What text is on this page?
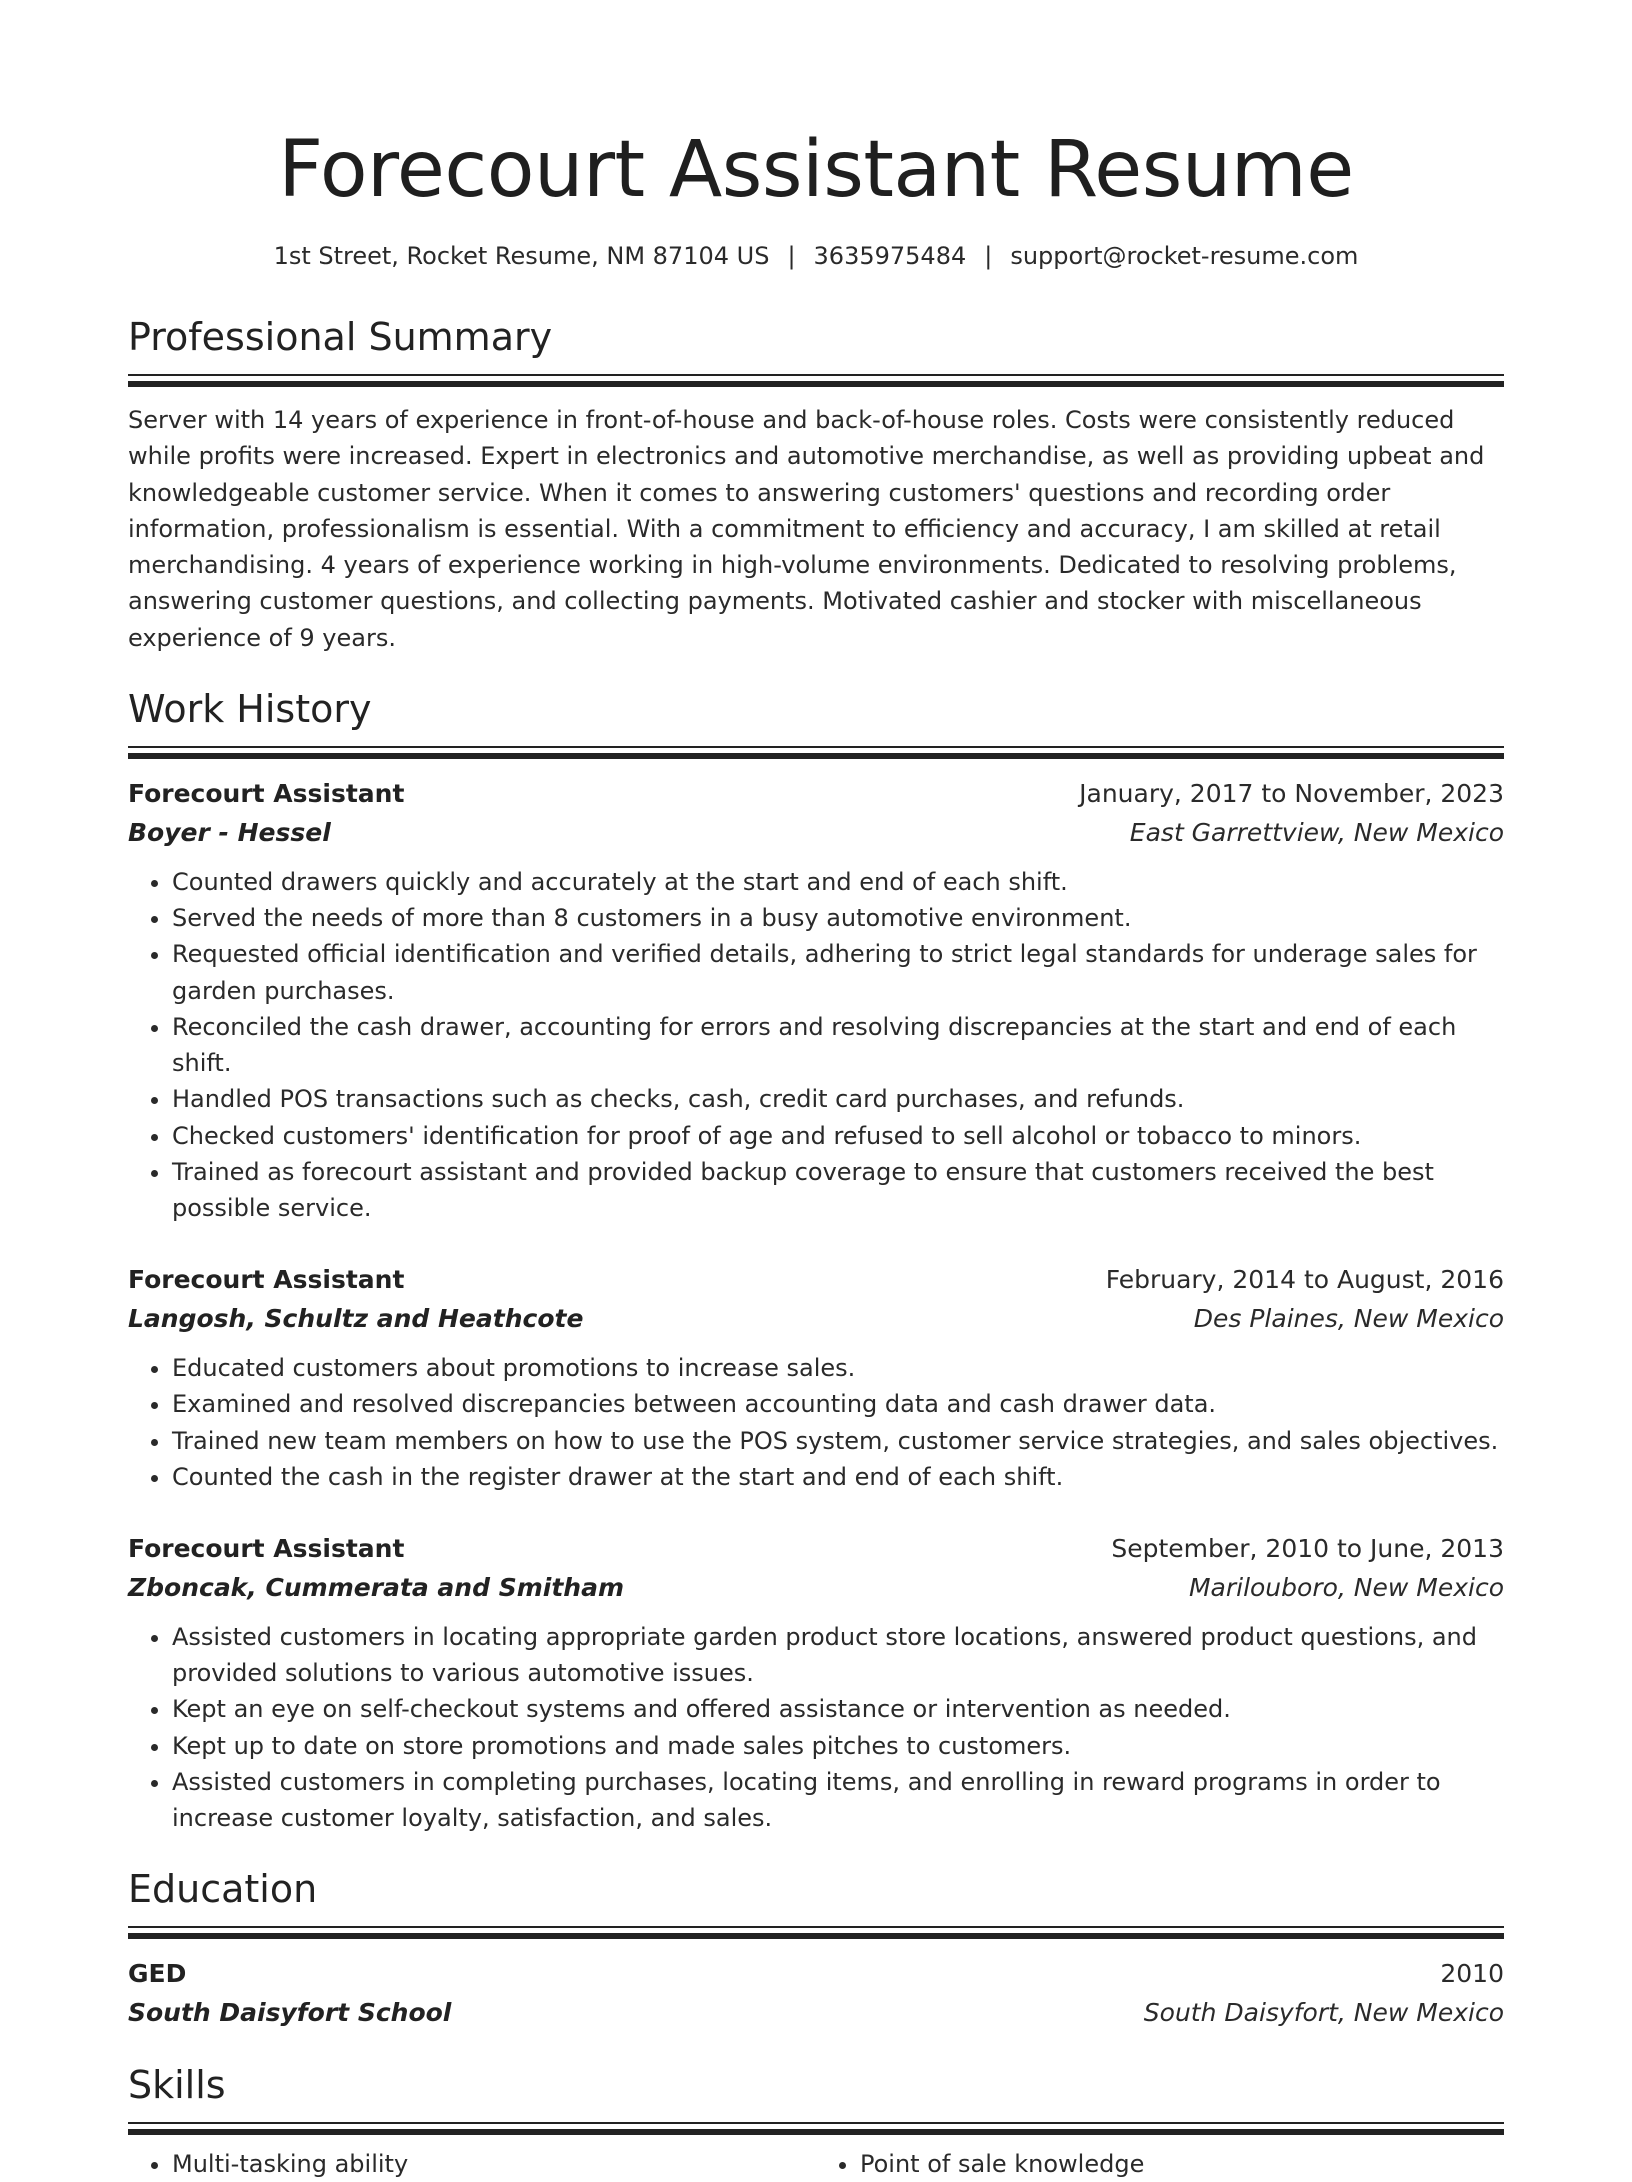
Forecourt Assistant Resume
1st Street, Rocket Resume, NM 87104 US | 3635975484 | support@rocket-resume.com
Professional Summary

Server with 14 years of experience in front-of-house and back-of-house roles. Costs were consistently reduced while profits were increased. Expert in electronics and automotive merchandise, as well as providing upbeat and knowledgeable customer service. When it comes to answering customers' questions and recording order information, professionalism is essential. With a commitment to efficiency and accuracy, I am skilled at retail merchandising. 4 years of experience working in high-volume environments. Dedicated to resolving problems, answering customer questions, and collecting payments. Motivated cashier and stocker with miscellaneous experience of 9 years.

Work History
Forecourt Assistant	January, 2017 to November, 2023
Boyer - Hessel	East Garrettview, New Mexico
• Counted drawers quickly and accurately at the start and end of each shift.
• Served the needs of more than 8 customers in a busy automotive environment.
• Requested official identification and verified details, adhering to strict legal standards for underage sales for garden purchases.
• Reconciled the cash drawer, accounting for errors and resolving discrepancies at the start and end of each shift.
• Handled POS transactions such as checks, cash, credit card purchases, and refunds.
• Checked customers' identification for proof of age and refused to sell alcohol or tobacco to minors.
• Trained as forecourt assistant and provided backup coverage to ensure that customers received the best possible service.
Forecourt Assistant	February, 2014 to August, 2016
Langosh, Schultz and Heathcote	Des Plaines, New Mexico
• Educated customers about promotions to increase sales.
• Examined and resolved discrepancies between accounting data and cash drawer data.
• Trained new team members on how to use the POS system, customer service strategies, and sales objectives.
• Counted the cash in the register drawer at the start and end of each shift.
Forecourt Assistant	September, 2010 to June, 2013
Zboncak, Cummerata and Smitham	Marilouboro, New Mexico
• Assisted customers in locating appropriate garden product store locations, answered product questions, and provided solutions to various automotive issues.
• Kept an eye on self-checkout systems and offered assistance or intervention as needed.
• Kept up to date on store promotions and made sales pitches to customers.
• Assisted customers in completing purchases, locating items, and enrolling in reward programs in order to increase customer loyalty, satisfaction, and sales.
Education
GED	2010
South Daisyfort School	South Daisyfort, New Mexico
Skills
• Multi-tasking ability
•	Point of sale knowledge
